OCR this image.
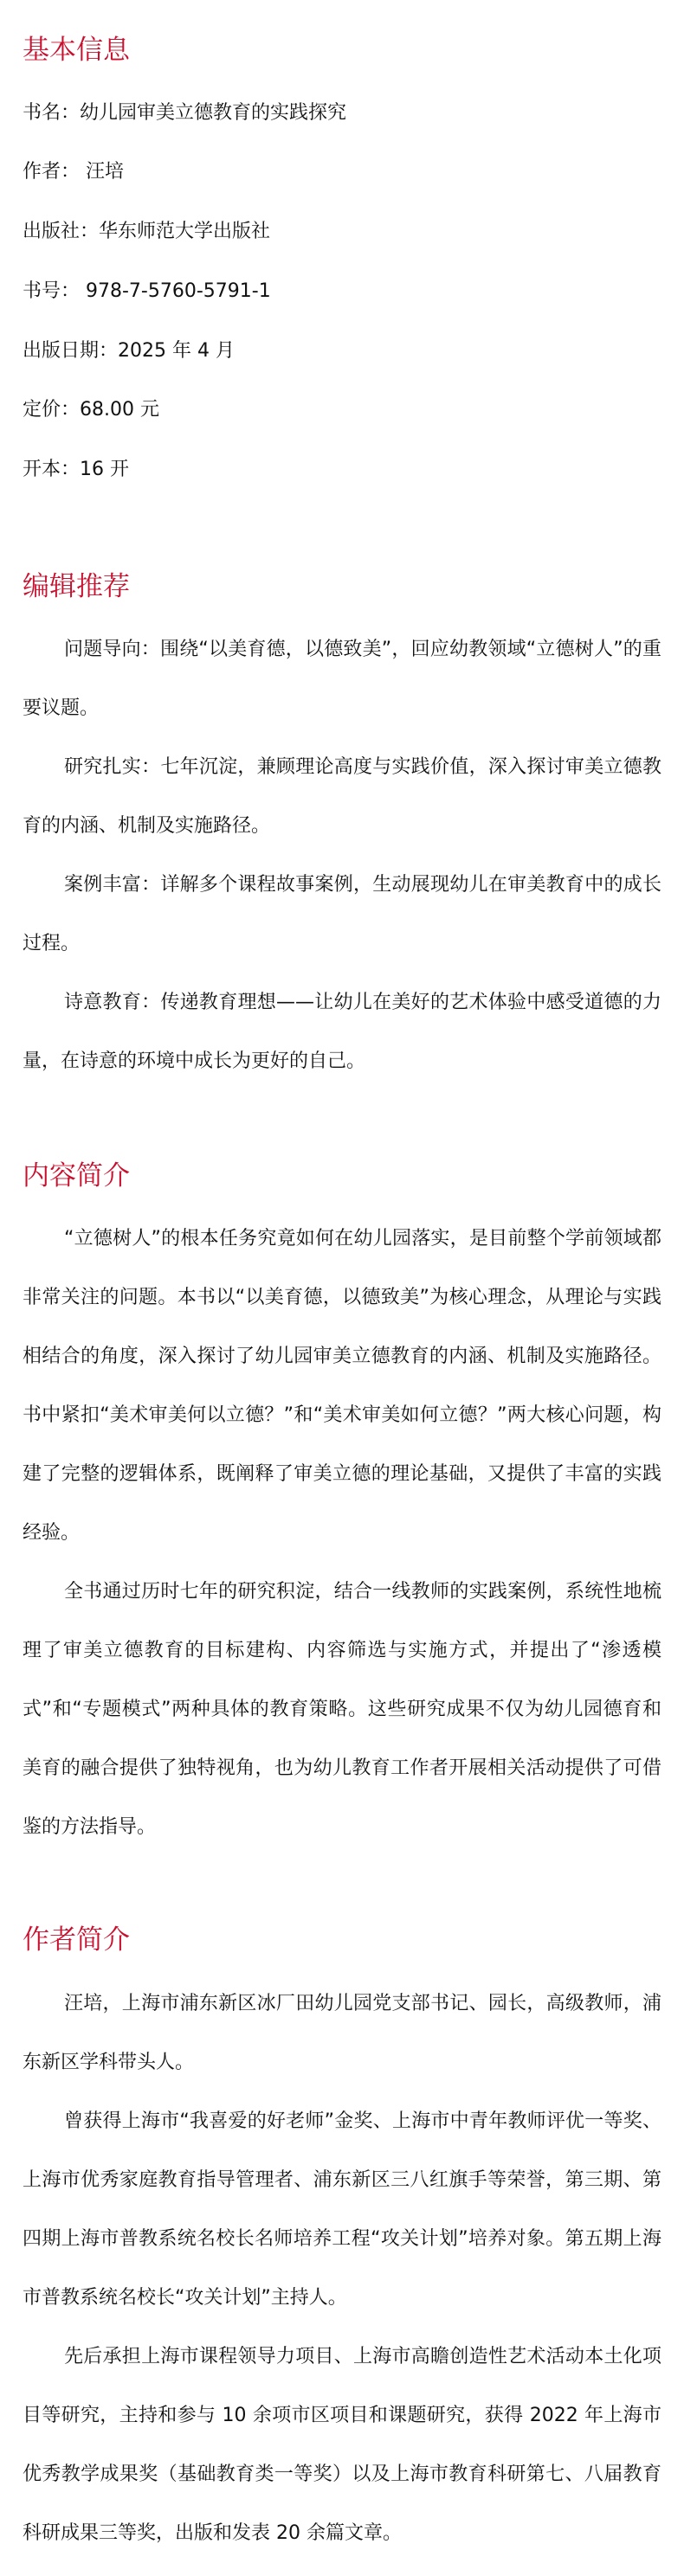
基本信息

书名：幼儿园审美立德教育的实践探究

作者： 汪培

出版社：华东师范大学出版社

书号： 978-7-5760-5791-1

出版日期：2025 年 4 月

定价：68.00 元

开本：16 开

编辑推荐

问题导向：围绕“以美育德，以德致美”，回应幼教领域“立德树人”的重要议题。

研究扎实：七年沉淀，兼顾理论高度与实践价值，深入探讨审美立德教育的内涵、机制及实施路径。

案例丰富：详解多个课程故事案例，生动展现幼儿在审美教育中的成长过程。

诗意教育：传递教育理想——让幼儿在美好的艺术体验中感受道德的力量，在诗意的环境中成长为更好的自己。

内容简介

“立德树人”的根本任务究竟如何在幼儿园落实，是目前整个学前领域都非常关注的问题。本书以“以美育德，以德致美”为核心理念，从理论与实践相结合的角度，深入探讨了幼儿园审美立德教育的内涵、机制及实施路径。书中紧扣“美术审美何以立德？”和“美术审美如何立德？”两大核心问题，构建了完整的逻辑体系，既阐释了审美立德的理论基础，又提供了丰富的实践经验。

全书通过历时七年的研究积淀，结合一线教师的实践案例，系统性地梳理了审美立德教育的目标建构、内容筛选与实施方式，并提出了“渗透模式”和“专题模式”两种具体的教育策略。这些研究成果不仅为幼儿园德育和美育的融合提供了独特视角，也为幼儿教育工作者开展相关活动提供了可借鉴的方法指导。

作者简介

汪培，上海市浦东新区冰厂田幼儿园党支部书记、园长，高级教师，浦东新区学科带头人。

曾获得上海市“我喜爱的好老师”金奖、上海市中青年教师评优一等奖、上海市优秀家庭教育指导管理者、浦东新区三八红旗手等荣誉，第三期、第四期上海市普教系统名校长名师培养工程“攻关计划”培养对象。第五期上海市普教系统名校长“攻关计划”主持人。

先后承担上海市课程领导力项目、上海市高瞻创造性艺术活动本土化项目等研究，主持和参与 10 余项市区项目和课题研究，获得 2022 年上海市优秀教学成果奖（基础教育类一等奖）以及上海市教育科研第七、八届教育科研成果三等奖，出版和发表 20 余篇文章。
